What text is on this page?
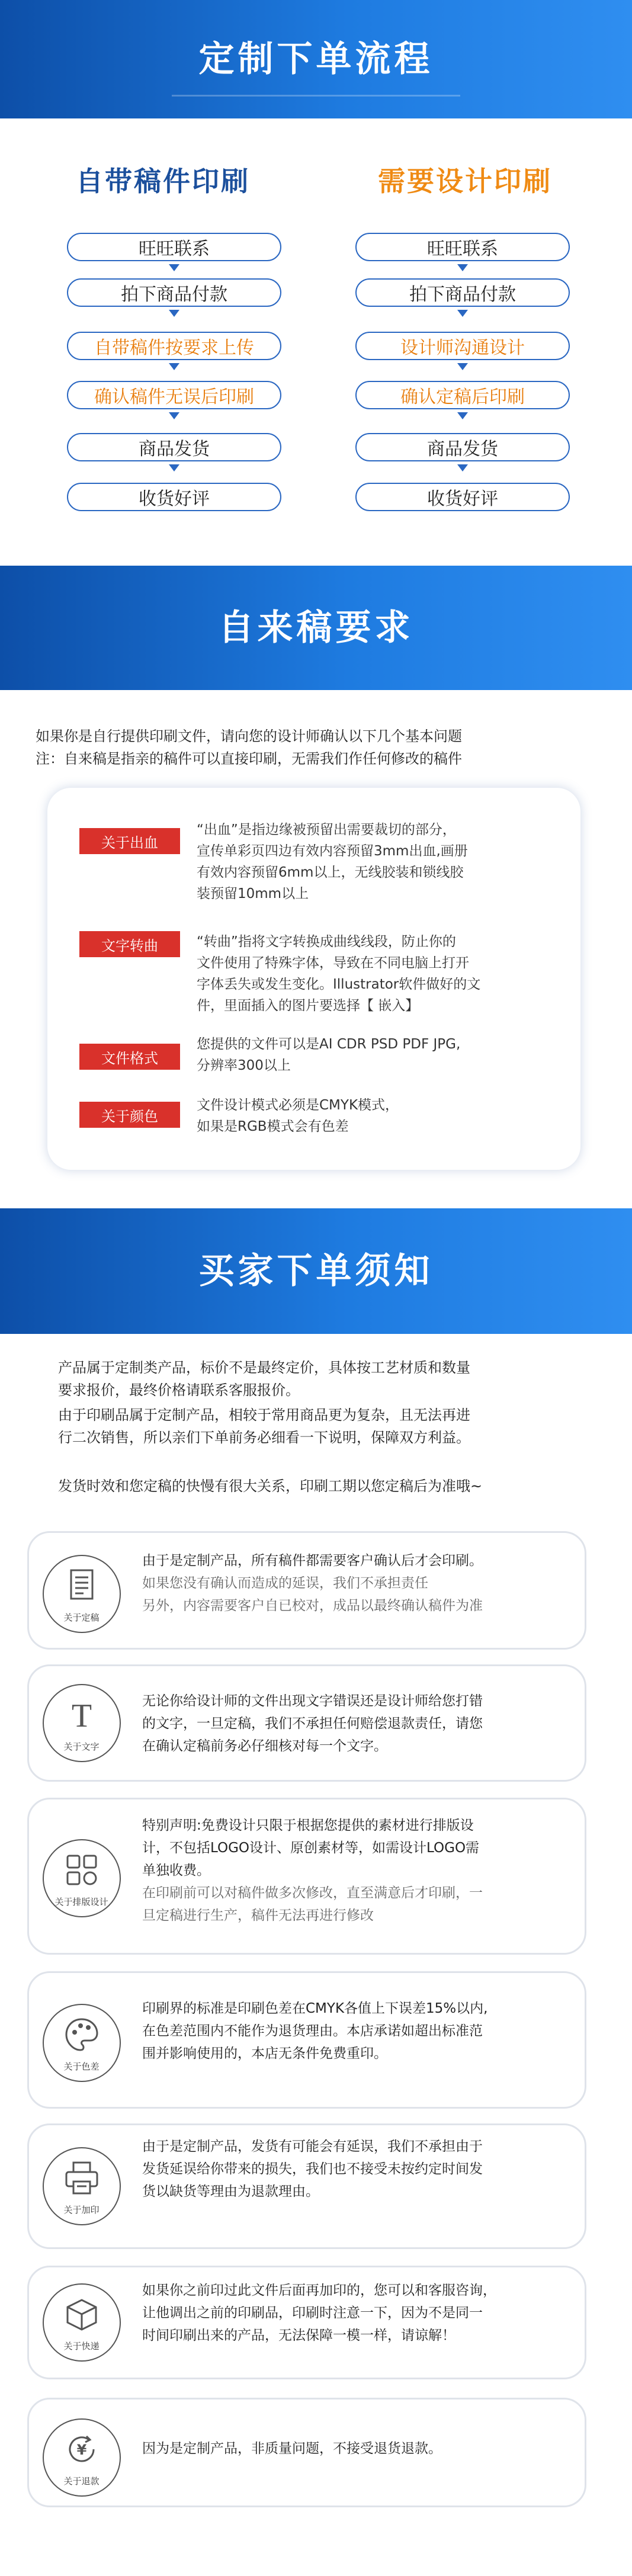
定制下单流程
自带稿件印刷	需要设计印刷
旺旺联系
拍下商品付款
自带稿件按要求上传
确认稿件无误后印刷
商品发货
收货好评
旺旺联系
拍下商品付款
设计师沟通设计
确认定稿后印刷
商品发货
收货好评
自来稿要求
如果你是自行提供印刷文件，请向您的设计师确认以下几个基本问题
注：自来稿是指亲的稿件可以直接印刷，无需我们作任何修改的稿件
关于出血
“出血”是指边缘被预留出需要裁切的部分，
宣传单彩页四边有效内容预留3mm出血,画册
有效内容预留6mm以上，无线胶装和锁线胶
装预留10mm以上
文字转曲	“转曲”指将文字转换成曲线线段，防止你的
文件使用了特殊字体，导致在不同电脑上打开
字体丢失或发生变化。Illustrator软件做好的文
件，里面插入的图片要选择【 嵌入】
文件格式
您提供的文件可以是AI CDR PSD PDF JPG,
分辨率300以上
关于颜色
文件设计模式必须是CMYK模式，
如果是RGB模式会有色差
买家下单须知
产品属于定制类产品，标价不是最终定价，具体按工艺材质和数量
要求报价，最终价格请联系客服报价。
由于印刷品属于定制产品，相较于常用商品更为复杂，且无法再进
行二次销售，所以亲们下单前务必细看一下说明，保障双方利益。
发货时效和您定稿的快慢有很大关系，印刷工期以您定稿后为准哦~
关于定稿
由于是定制产品，所有稿件都需要客户确认后才会印刷。
如果您没有确认而造成的延误，我们不承担责任
另外，内容需要客户自已校对，成品以最终确认稿件为准
T
关于文字
无论你给设计师的文件出现文字错误还是设计师给您打错
的文字，一旦定稿，我们不承担任何赔偿退款责任，请您
在确认定稿前务必仔细核对每一个文字。
关于排版设计
特别声明:免费设计只限于根据您提供的素材进行排版设
计，不包括LOGO设计、原创素材等，如需设计LOGO需
单独收费。
在印刷前可以对稿件做多次修改，直至满意后才印刷，一
旦定稿进行生产，稿件无法再进行修改
关于色差
印刷界的标准是印刷色差在CMYK各值上下误差15%以内,
在色差范围内不能作为退货理由。本店承诺如超出标准范
围并影响使用的，本店无条件免费重印。
关于加印
由于是定制产品，发货有可能会有延误，我们不承担由于
发货延误给你带来的损失，我们也不接受未按约定时间发
货以缺货等理由为退款理由。
关于快递
如果你之前印过此文件后面再加印的，您可以和客服咨询，
让他调出之前的印刷品，印刷时注意一下，因为不是同一
时间印刷出来的产品，无法保障一模一样，请谅解！
¥
关于退款
因为是定制产品，非质量问题，不接受退货退款。
